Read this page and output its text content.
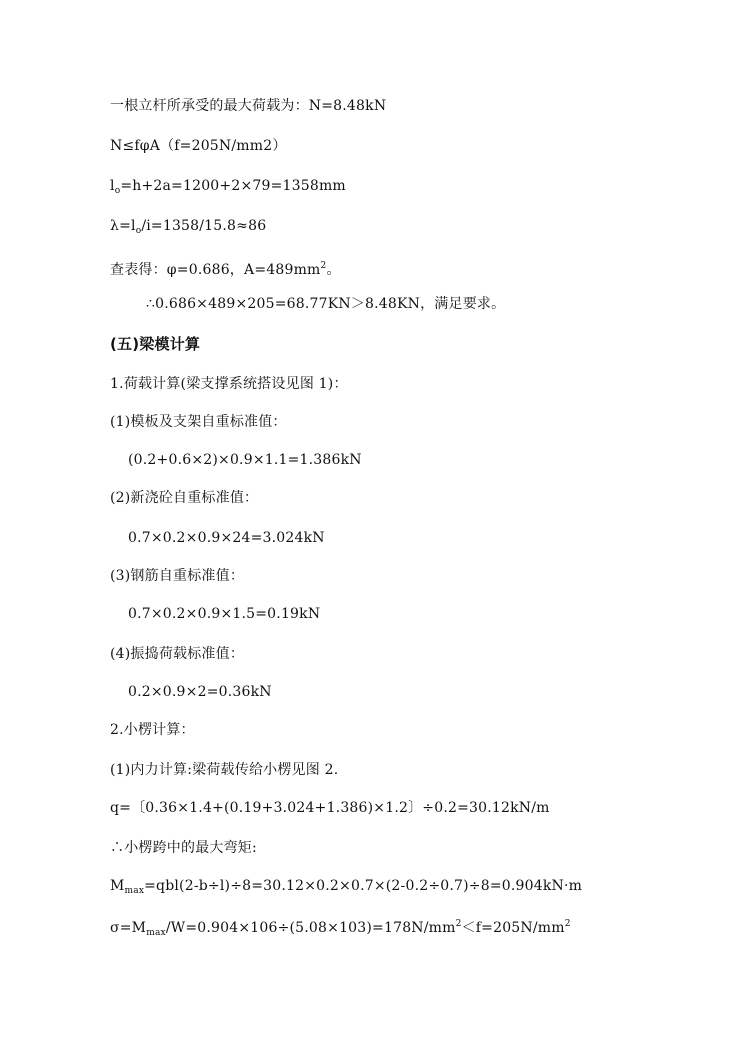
一根立杆所承受的最大荷载为：N=8.48kN
N≤fφA（f=205N/mm2）
$l_o=h+2a=1200+2\times 79=1358mm$
$\lambda=l_o/i=1358/15.8\approx 86$
查表得：φ=0.686，$A=489mm^2$。
∴0.686×489×205=68.77KN＞8.48KN，满足要求。
(五)梁模计算
1.荷载计算(梁支撑系统搭设见图 1)：
(1)模板及支架自重标准值：
(0.2+0.6×2)×0.9×1.1=1.386kN
(2)新浇砼自重标准值：
0.7×0.2×0.9×24=3.024kN
(3)钢筋自重标准值：
0.7×0.2×0.9×1.5=0.19kN
(4)振捣荷载标准值：
0.2×0.9×2=0.36kN
2.小楞计算：
(1)内力计算:梁荷载传给小楞见图 2.
q=〔0.36×1.4+(0.19+3.024+1.386)×1.2〕÷0.2=30.12kN/m
∴小楞跨中的最大弯矩:
$M_{max}=qbl(2-b\div l)\div 8=30.12\times 0.2\times 0.7\times(2-0.2\div 0.7)\div 8=0.904kN\cdot m$
$\sigma=M_{max}/W=0.904\times 106\div(5.08\times 103)=178N/mm^2<f=205N/mm^2$
